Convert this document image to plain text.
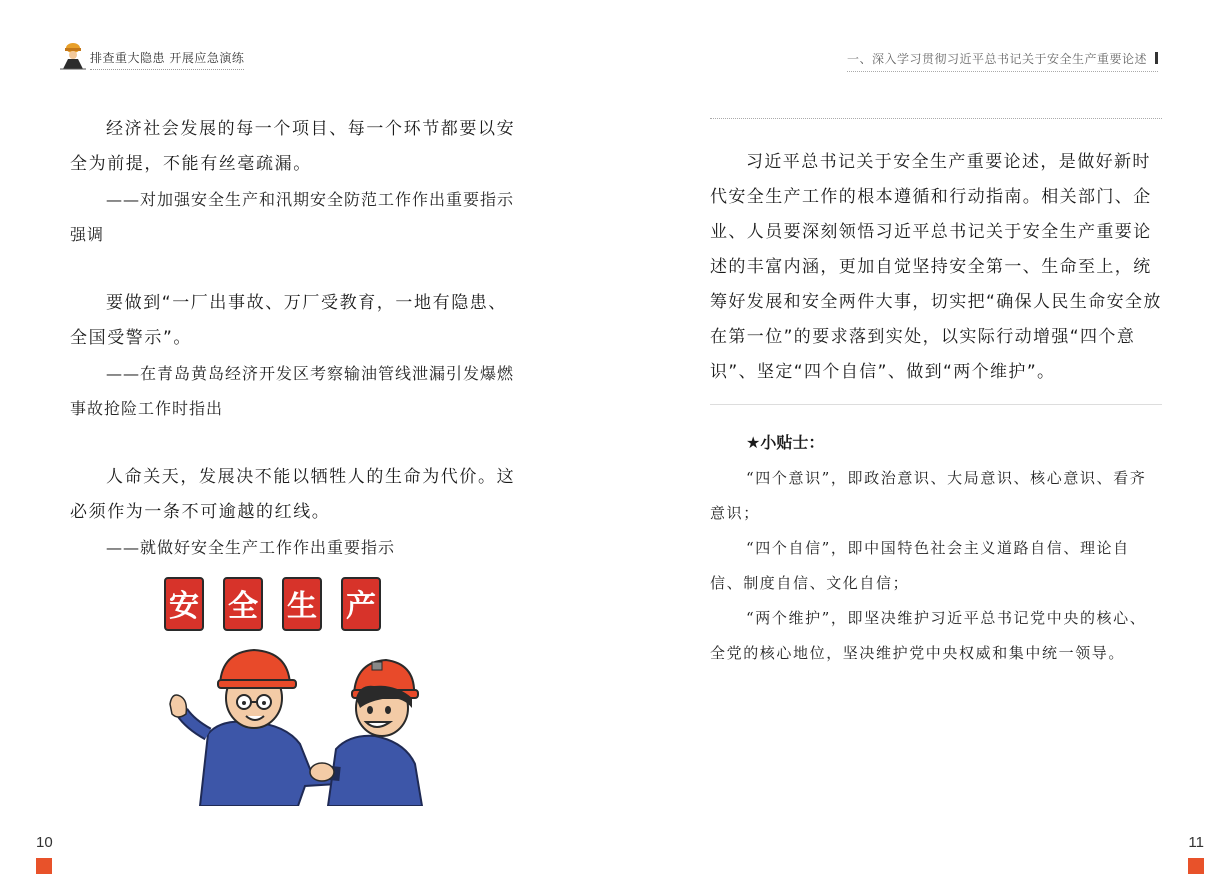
排查重大隐患 开展应急演练

经济社会发展的每一个项目、每一个环节都要以安全为前提，不能有丝毫疏漏。

——对加强安全生产和汛期安全防范工作作出重要指示强调

要做到“一厂出事故、万厂受教育，一地有隐患、全国受警示”。

——在青岛黄岛经济开发区考察输油管线泄漏引发爆燃事故抢险工作时指出

人命关天，发展决不能以牺牲人的生命为代价。这必须作为一条不可逾越的红线。

——就做好安全生产工作作出重要指示

安 全 生 产
10
一、深入学习贯彻习近平总书记关于安全生产重要论述

习近平总书记关于安全生产重要论述，是做好新时代安全生产工作的根本遵循和行动指南。相关部门、企业、人员要深刻领悟习近平总书记关于安全生产重要论述的丰富内涵，更加自觉坚持安全第一、生命至上，统筹好发展和安全两件大事，切实把“确保人民生命安全放在第一位”的要求落到实处，以实际行动增强“四个意识”、坚定“四个自信”、做到“两个维护”。

★小贴士：

“四个意识”，即政治意识、大局意识、核心意识、看齐意识；

“四个自信”，即中国特色社会主义道路自信、理论自信、制度自信、文化自信；

“两个维护”，即坚决维护习近平总书记党中央的核心、全党的核心地位，坚决维护党中央权威和集中统一领导。

11
